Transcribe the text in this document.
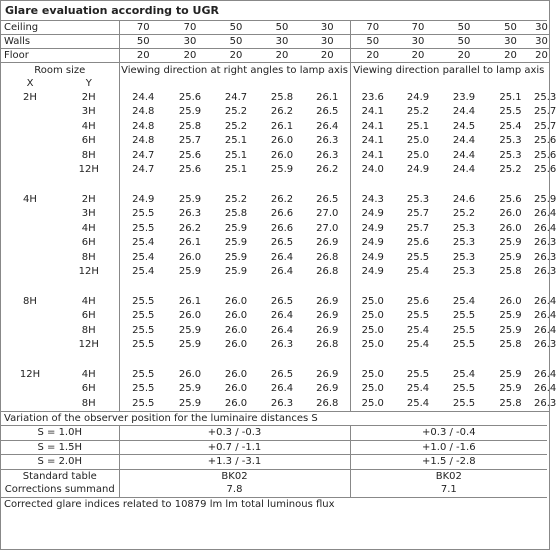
Glare evaluation according to UGR											
Ceiling		70	70	50	50	30	70	70	50	50	30
Walls		50	30	50	30	30	50	30	50	30	30
Floor		20	20	20	20	20	20	20	20	20	20
Room size		Viewing direction at right angles to lamp axis					Viewing direction parallel to lamp axis				
X	Y										
2H	2H	24.4	25.6	24.7	25.8	26.1	23.6	24.9	23.9	25.1	25.3
	3H	24.8	25.9	25.2	26.2	26.5	24.1	25.2	24.4	25.5	25.7
	4H	24.8	25.8	25.2	26.1	26.4	24.1	25.1	24.5	25.4	25.7
	6H	24.8	25.7	25.1	26.0	26.3	24.1	25.0	24.4	25.3	25.6
	8H	24.7	25.6	25.1	26.0	26.3	24.1	25.0	24.4	25.3	25.6
	12H	24.7	25.6	25.1	25.9	26.2	24.0	24.9	24.4	25.2	25.6

4H	2H	24.9	25.9	25.2	26.2	26.5	24.3	25.3	24.6	25.6	25.9
	3H	25.5	26.3	25.8	26.6	27.0	24.9	25.7	25.2	26.0	26.4
	4H	25.5	26.2	25.9	26.6	27.0	24.9	25.7	25.3	26.0	26.4
	6H	25.4	26.1	25.9	26.5	26.9	24.9	25.6	25.3	25.9	26.3
	8H	25.4	26.0	25.9	26.4	26.8	24.9	25.5	25.3	25.9	26.3
	12H	25.4	25.9	25.9	26.4	26.8	24.9	25.4	25.3	25.8	26.3

8H	4H	25.5	26.1	26.0	26.5	26.9	25.0	25.6	25.4	26.0	26.4
	6H	25.5	26.0	26.0	26.4	26.9	25.0	25.5	25.5	25.9	26.4
	8H	25.5	25.9	26.0	26.4	26.9	25.0	25.4	25.5	25.9	26.4
	12H	25.5	25.9	26.0	26.3	26.8	25.0	25.4	25.5	25.8	26.3

12H	4H	25.5	26.0	26.0	26.5	26.9	25.0	25.5	25.4	25.9	26.4
	6H	25.5	25.9	26.0	26.4	26.9	25.0	25.4	25.5	25.9	26.4
	8H	25.5	25.9	26.0	26.3	26.8	25.0	25.4	25.5	25.8	26.3
Variation of the observer position for the luminaire distances S											
S = 1.0H		+0.3 / -0.3					+0.3 / -0.4				
S = 1.5H		+0.7 / -1.1					+1.0 / -1.6				
S = 2.0H		+1.3 / -3.1					+1.5 / -2.8				
Standard table		BK02					BK02				
Corrections summand		7.8					7.1				
Corrected glare indices related to 10879 lm lm total luminous flux											
